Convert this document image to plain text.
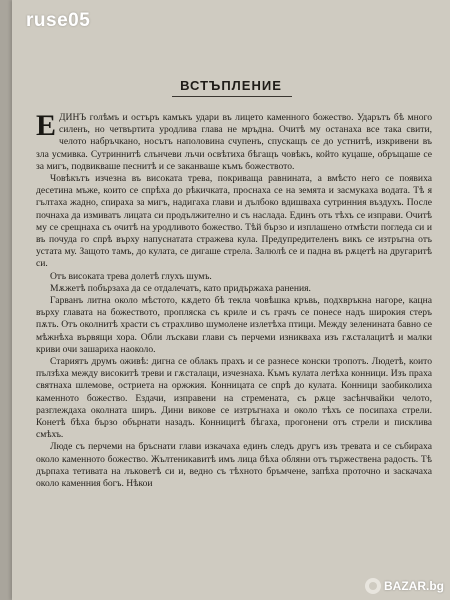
ruse05
ВСТЪПЛЕНИЕ

ЕДИНЪ голѣмъ и остъръ камъкъ удари въ лицето каменного божество. Ударътъ бѣ много силенъ, но четвъртита уродлива глава не мръдна. Очитѣ му останаха все така свити, челото набръчкано, носътъ наполовина счупенъ, спускащъ се до устнитѣ, изкривени въ зла усмивка. Сутриннитѣ слънчеви лъчи освѣтиха бѣгащъ човѣкъ, който куцаше, обръщаше се за мигъ, подвикваше песнитѣ и се заканваше къмъ божеството.

Човѣкътъ изчезна въ високата трева, покриваща равнината, а вмѣсто него се появиха десетина мъже, които се спрѣха до рѣкичката, проснаха се на земята и засмукаха водата. Тѣ я гълтаха жадно, спираха за мигъ, надигаха глави и дълбоко вдишваха сутринния въздухъ. После почнаха да измиватъ лицата си продължително и съ наслада. Единъ отъ тѣхъ се изправи. Очитѣ му се срещнаха съ очитѣ на уродливото божество. Тѣй бързо и изплашено отмѣсти погледа си и въ почуда го спрѣ върху напуснатата стражева кула. Предупредителенъ викъ се изтръгна отъ устата му. Защото тамъ, до кулата, се дигаше стрела. Залюлѣ се и падна въ рѫцетѣ на другаритѣ си.

Отъ високата трева долетѣ глухъ шумъ.

Мѫжетѣ побързаха да се отдалечатъ, като придържаха ранения.

Гарванъ литна около мѣстото, кѫдето бѣ текла човѣшка кръвь, подхвръкна нагоре, кацна върху главата на божеството, пропляска съ криле и съ грачъ се понесе надъ широкия стеръ пѫть. Отъ околнитѣ храсти съ страхливо шумолене излетѣха птици. Между зеленината бавно се мѣжнѣха вървящи хора. Обли лъскави глави съ перчеми изникваха изъ гѫсталацитѣ и малки криви очи зашариха наоколо.

Стариятъ друмъ оживѣ: дигна се облакъ прахъ и се разнесе конски тропотъ. Людетѣ, които пълзѣха между високитѣ треви и гѫсталаци, изчезнаха. Къмъ кулата летѣха конници. Изъ праха святнаха шлемове, остриета на оржжия. Конницата се спрѣ до кулата. Конници заобиколиха каменното божество. Ездачи, изправени на стремената, съ рѫце засѣнчвайки челото, разглеждаха околната ширъ. Дини викове се изтръгнаха и около тѣхъ се посипаха стрели. Конетѣ бѣха бързо обърнати назадъ. Конницитѣ бѣгаха, прогонени отъ стрели и писклива смѣхъ.

Люде съ перчеми на бръснати глави изкачаха единъ следъ другъ изъ тревата и се събираха около каменното божество. Жълтеникавитѣ имъ лица бѣха обляни отъ тържествена радость. Тѣ дърпаха тетивата на лъковетѣ си и, ведно съ тѣхното бръмчене, запѣха проточно и заскачаха около каменния богъ. Нѣкои

BAZAR.bg
